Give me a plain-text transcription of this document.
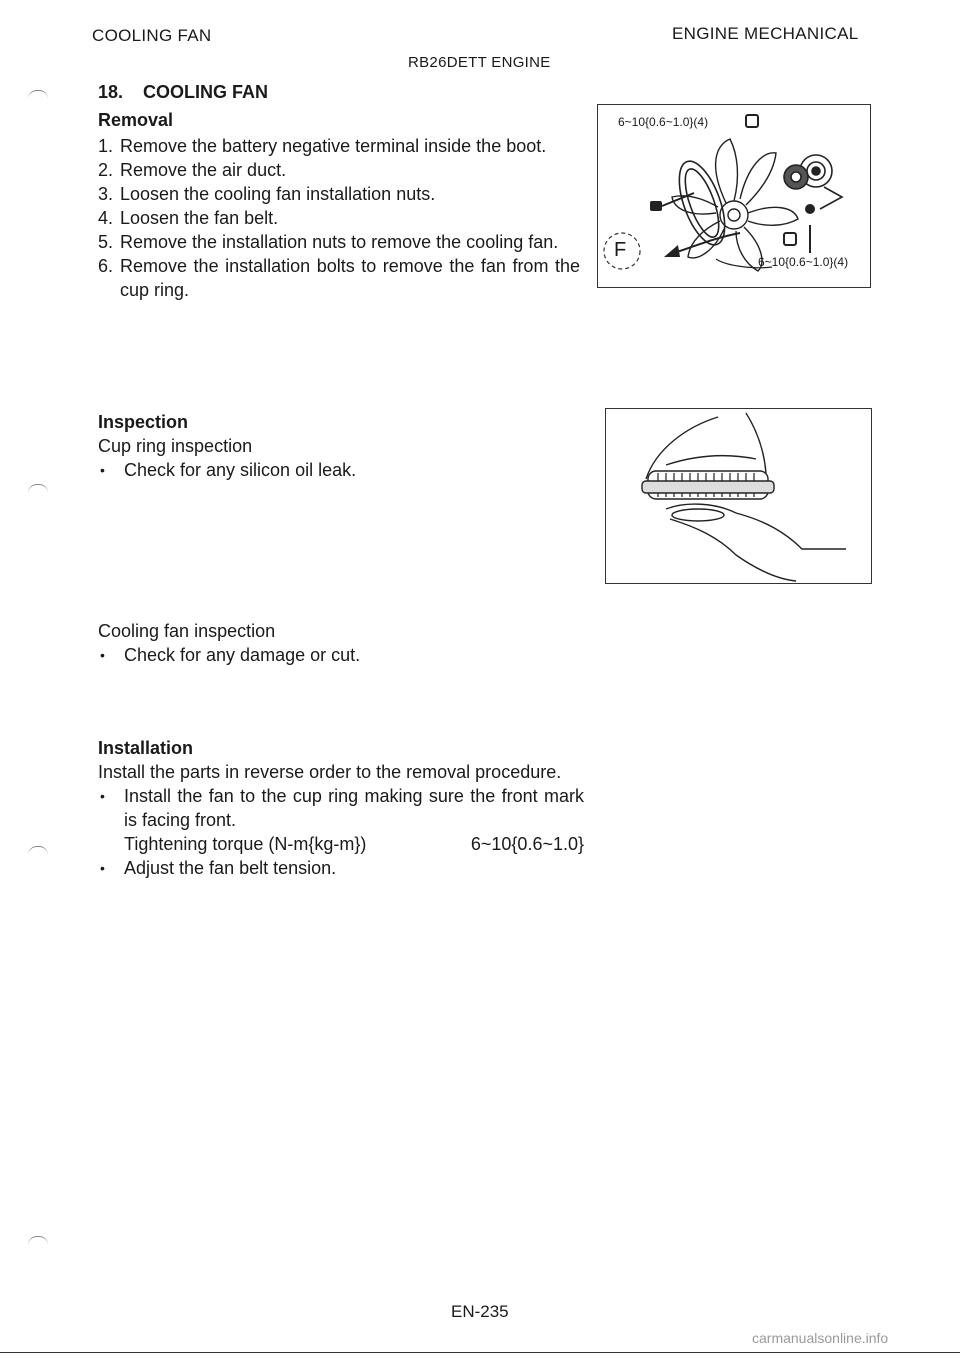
COOLING FAN	ENGINE MECHANICAL
RB26DETT ENGINE
18.    COOLING FAN
Removal
1. Remove the battery negative terminal inside the boot.
2. Remove the air duct.
3. Loosen the cooling fan installation nuts.
4. Loosen the fan belt.
5. Remove the installation nuts to remove the cooling fan.
6. Remove the installation bolts to remove the fan from the cup ring.
6~10{0.6~1.0}(4)
6~10{0.6~1.0}(4)
F
Inspection
Cup ring inspection
• Check for any silicon oil leak.
Cooling fan inspection
• Check for any damage or cut.
Installation
Install the parts in reverse order to the removal procedure.
• Install the fan to the cup ring making sure the front mark is facing front.
Tightening torque (N-m{kg-m})	6~10{0.6~1.0}
• Adjust the fan belt tension.
EN-235
carmanualsonline.info
